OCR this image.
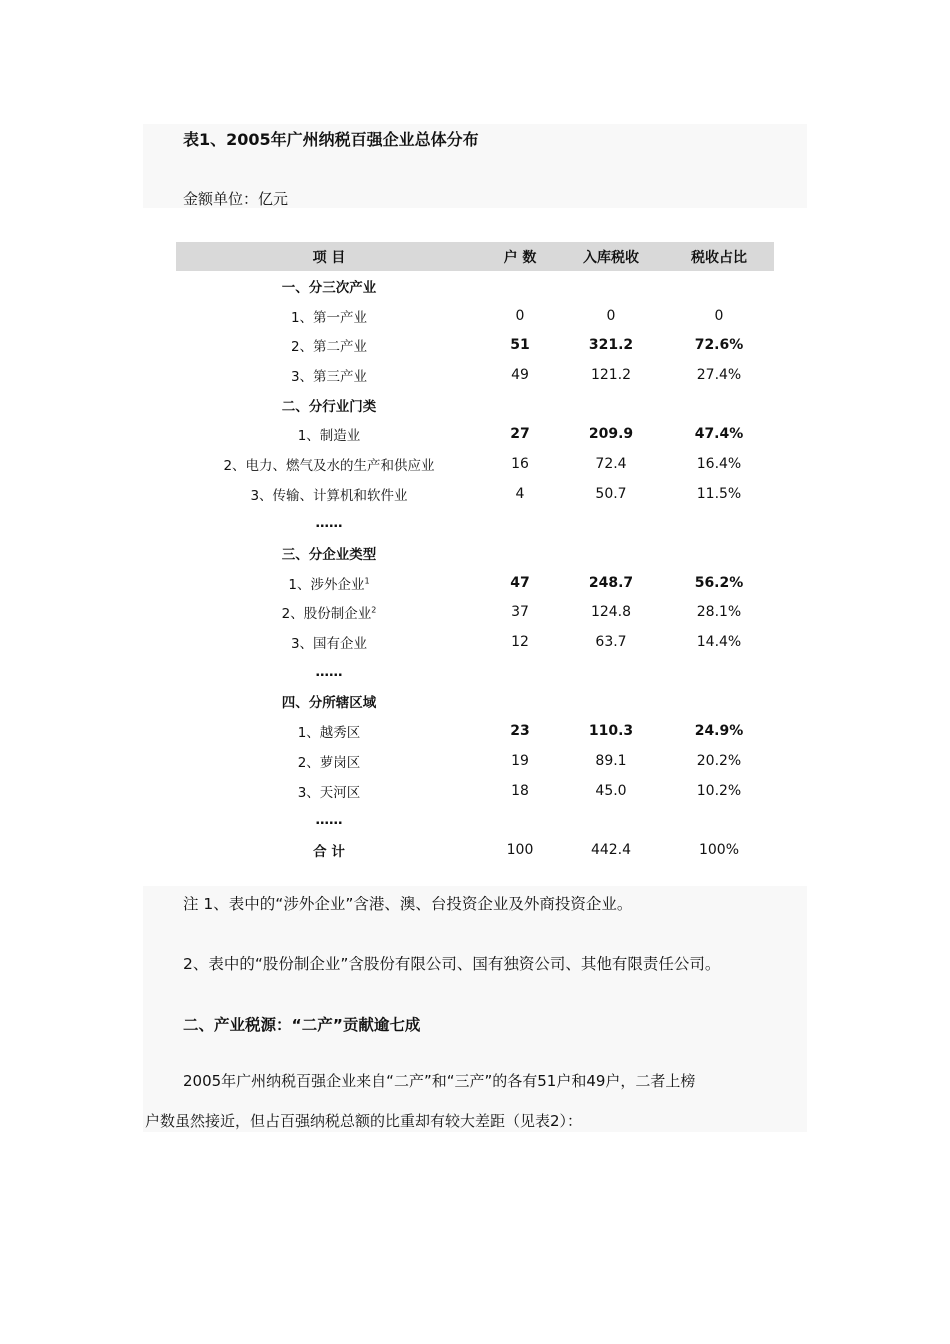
表1、2005年广州纳税百强企业总体分布
金额单位：亿元
项 目	户 数	入库税收	税收占比
一、分三次产业			
1、第一产业	0	0	0
2、第二产业	51	321.2	72.6%
3、第三产业	49	121.2	27.4%
二、分行业门类			
1、制造业	27	209.9	47.4%
2、电力、燃气及水的生产和供应业	16	72.4	16.4%
3、传输、计算机和软件业	4	50.7	11.5%
……			
三、分企业类型			
1、涉外企业$^1$	47	248.7	56.2%
2、股份制企业$^2$	37	124.8	28.1%
3、国有企业	12	63.7	14.4%
……			
四、分所辖区域			
1、越秀区	23	110.3	24.9%
2、萝岗区	19	89.1	20.2%
3、天河区	18	45.0	10.2%
……			
合 计	100	442.4	100%
注 1、表中的“涉外企业”含港、澳、台投资企业及外商投资企业。
2、表中的“股份制企业”含股份有限公司、国有独资公司、其他有限责任公司。
二、产业税源：“二产”贡献逾七成
2005年广州纳税百强企业来自“二产”和“三产”的各有51户和49户，二者上榜
户数虽然接近，但占百强纳税总额的比重却有较大差距（见表2）：
